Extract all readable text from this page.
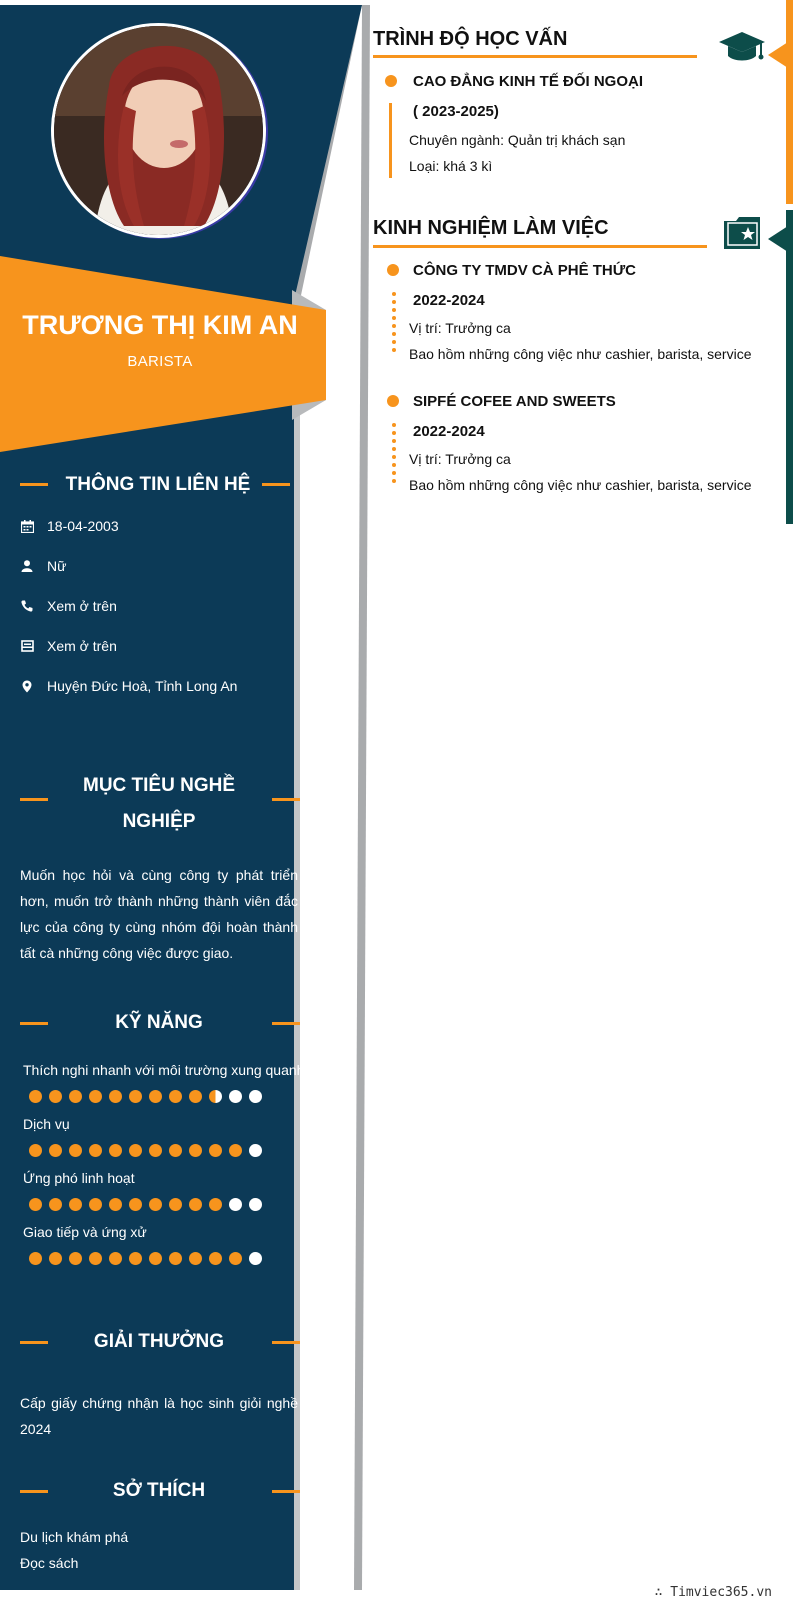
TRƯƠNG THỊ KIM AN
BARISTA
THÔNG TIN LIÊN HỆ
18-04-2003
Nữ
Xem ở trên
Xem ở trên
Huyện Đức Hoà, Tỉnh Long An
MỤC TIÊU NGHỀ
NGHIỆP
Muốn học hỏi và cùng công ty phát triển hơn, muốn trở thành những thành viên đắc lực của công ty cùng nhóm đội hoàn thành tất cà những công việc được giao.
KỸ NĂNG
Thích nghi nhanh với môi trường xung quanh
Dịch vụ
Ứng phó linh hoạt
Giao tiếp và ứng xử
GIẢI THƯỞNG
Cấp giấy chứng nhận là học sinh giỏi nghề 2024
SỞ THÍCH
Du lịch khám phá
Đọc sách
TRÌNH ĐỘ HỌC VẤN
CAO ĐẲNG KINH TẾ ĐỐI NGOẠI
( 2023-2025)
Chuyên ngành: Quản trị khách sạn
Loại: khá 3 kì
KINH NGHIỆM LÀM VIỆC
CÔNG TY TMDV CÀ PHÊ THỨC
2022-2024
Vị trí: Trưởng ca
Bao hồm những công việc như cashier, barista, service
SIPFÉ COFEE AND SWEETS
2022-2024
Vị trí: Trưởng ca
Bao hồm những công việc như cashier, barista, service
∴ Timviec365.vn
